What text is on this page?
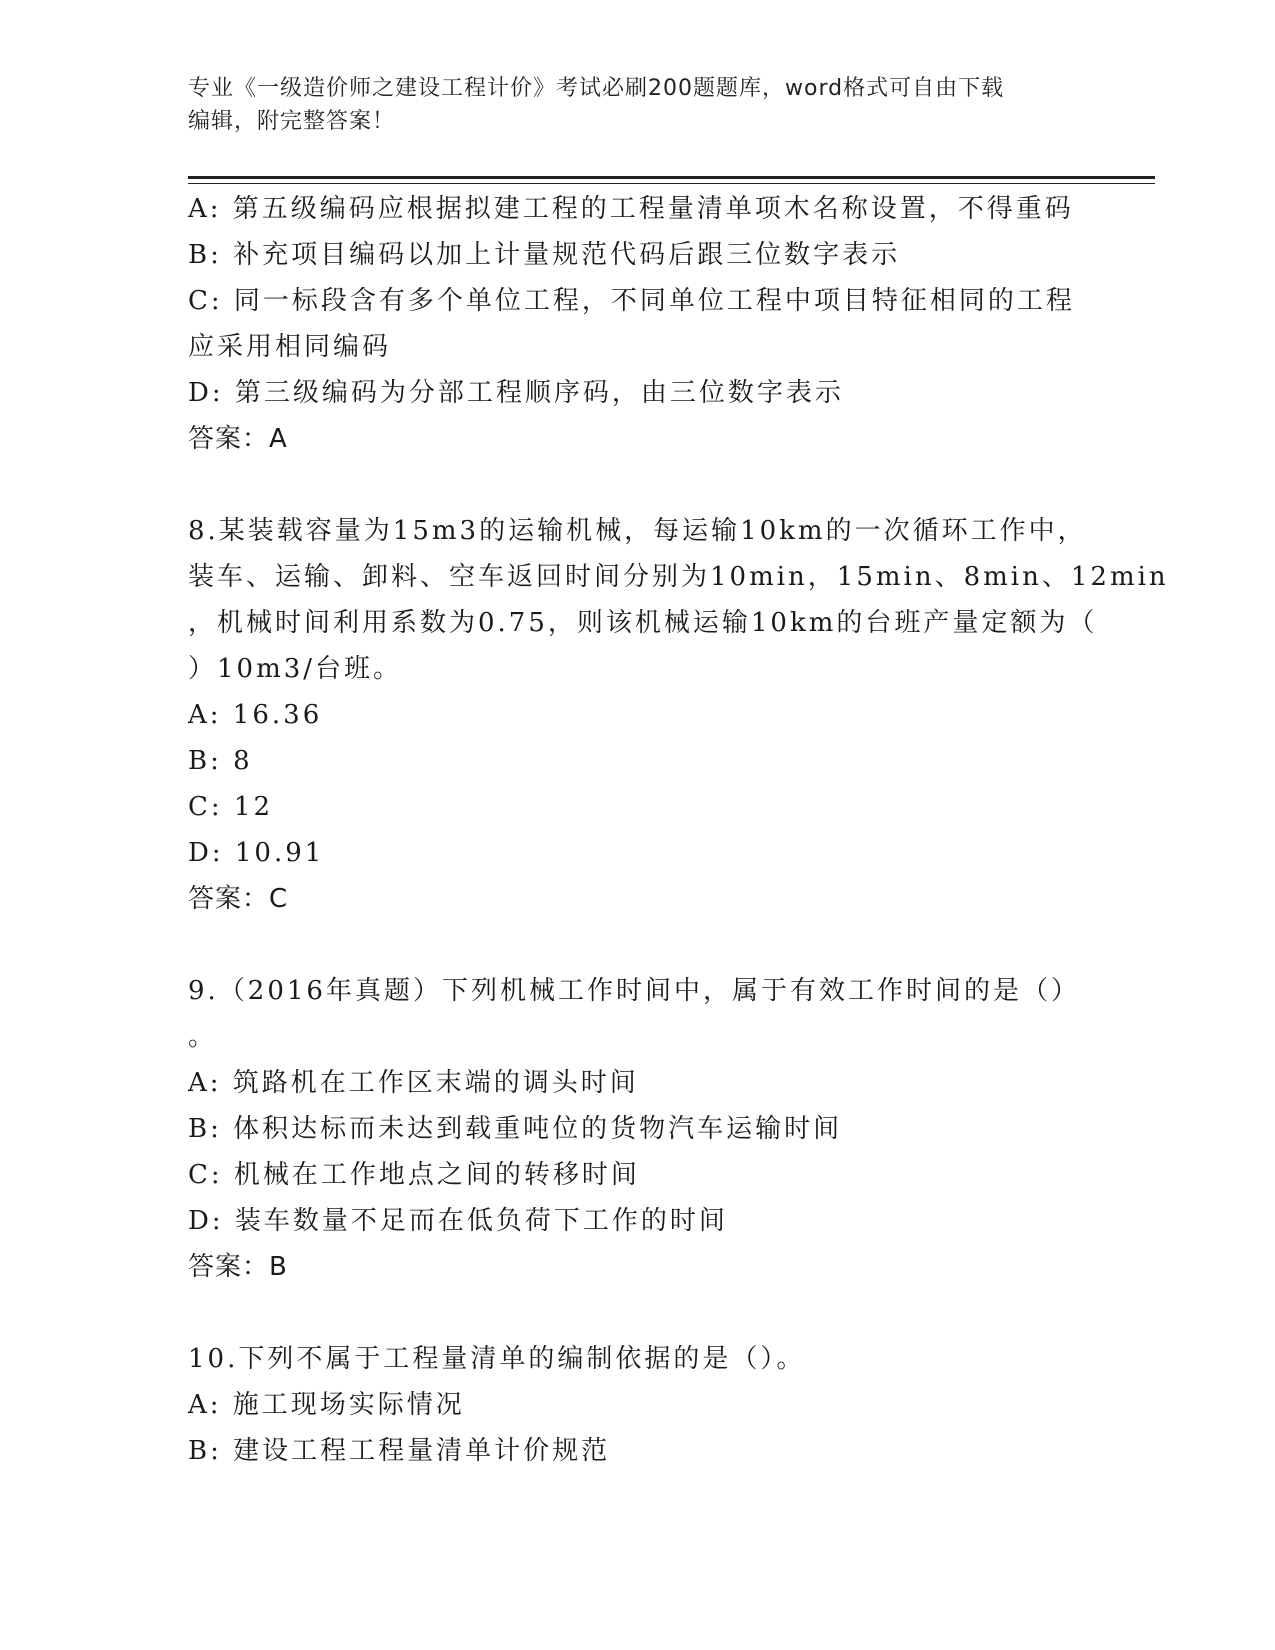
专业《一级造价师之建设工程计价》考试必刷200题题库，word格式可自由下载
编辑，附完整答案！
A: 第五级编码应根据拟建工程的工程量清单项木名称设置，不得重码
B: 补充项目编码以加上计量规范代码后跟三位数字表示
C: 同一标段含有多个单位工程，不同单位工程中项目特征相同的工程
应采用相同编码
D: 第三级编码为分部工程顺序码，由三位数字表示
答案：A
8.某装载容量为15m3的运输机械，每运输10km的一次循环工作中，
装车、运输、卸料、空车返回时间分别为10min，15min、8min、12min
，机械时间利用系数为0.75，则该机械运输10km的台班产量定额为（
）10m3/台班。
A: 16.36
B: 8
C: 12
D: 10.91
答案：C
9.（2016年真题）下列机械工作时间中，属于有效工作时间的是（）
。
A: 筑路机在工作区末端的调头时间
B: 体积达标而未达到载重吨位的货物汽车运输时间
C: 机械在工作地点之间的转移时间
D: 装车数量不足而在低负荷下工作的时间
答案：B
10.下列不属于工程量清单的编制依据的是（）。
A: 施工现场实际情况
B: 建设工程工程量清单计价规范
